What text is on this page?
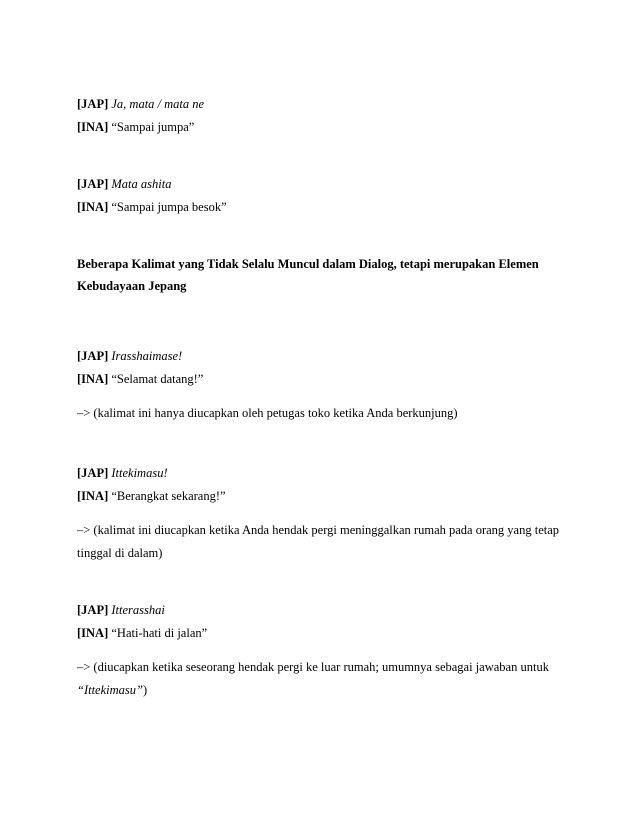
[JAP] Ja, mata / mata ne
[INA] “Sampai jumpa”
[JAP] Mata ashita
[INA] “Sampai jumpa besok”
Beberapa Kalimat yang Tidak Selalu Muncul dalam Dialog, tetapi merupakan Elemen
Kebudayaan Jepang
[JAP] Irasshaimase!
[INA] “Selamat datang!”
–> (kalimat ini hanya diucapkan oleh petugas toko ketika Anda berkunjung)
[JAP] Ittekimasu!
[INA] “Berangkat sekarang!”
–> (kalimat ini diucapkan ketika Anda hendak pergi meninggalkan rumah pada orang yang tetap
tinggal di dalam)
[JAP] Itterasshai
[INA] “Hati-hati di jalan”
–> (diucapkan ketika seseorang hendak pergi ke luar rumah; umumnya sebagai jawaban untuk
“Ittekimasu”)
